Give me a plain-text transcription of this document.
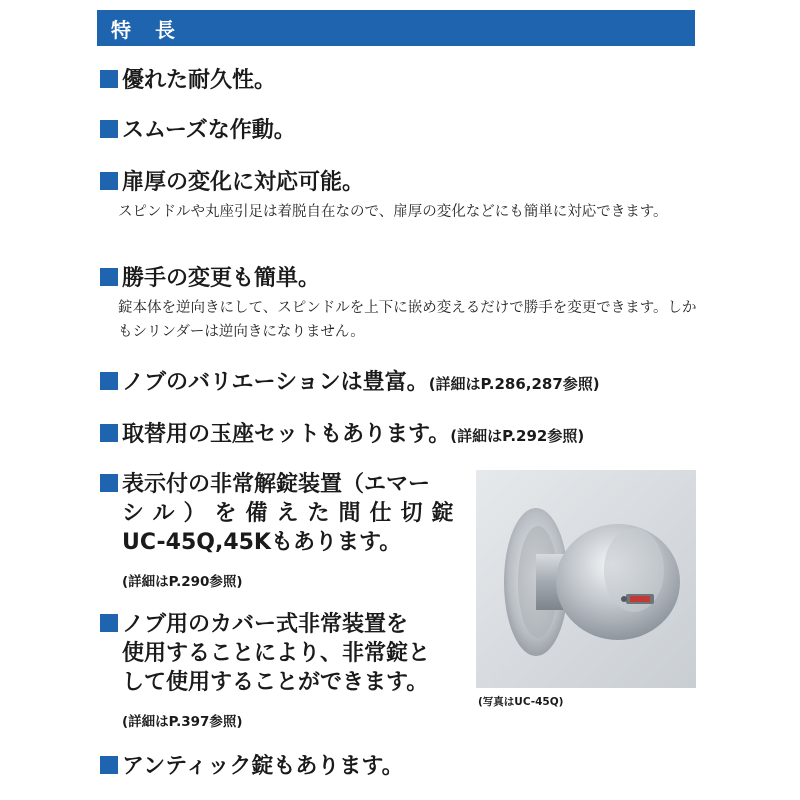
特　長
優れた耐久性。
スムーズな作動。
扉厚の変化に対応可能。
スピンドルや丸座引足は着脱自在なので、扉厚の変化などにも簡単に対応できます。
勝手の変更も簡単。
錠本体を逆向きにして、スピンドルを上下に嵌め変えるだけで勝手を変更できます。しかもシリンダーは逆向きになりません。
ノブのバリエーションは豊富。(詳細はP.286,287参照)
取替用の玉座セットもあります。(詳細はP.292参照)
表示付の非常解錠装置（エマー
シル）を備えた間仕切錠
UC-45Q,45Kもあります。
(詳細はP.290参照)
ノブ用のカバー式非常装置を
使用することにより、非常錠と
して使用することができます。
(詳細はP.397参照)
アンティック錠もあります。
(写真はUC-45Q)
